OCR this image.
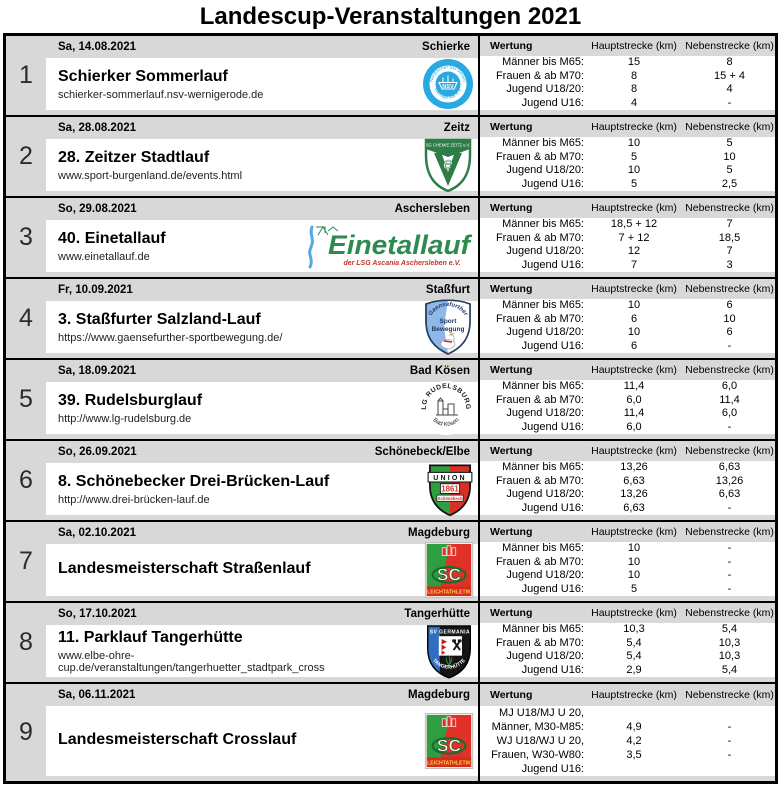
Landescup-Veranstaltungen 2021
1
Sa, 14.08.2021	Schierke
Schierker Sommerlauf
schierker-sommerlauf.nsv-wernigerode.de
Nordischer Ski-Verein
Wernigerode e.V.
NSV
Wertung	Hauptstrecke (km) Nebenstrecke (km)
Männer bis M65:	15	8
Frauen & ab M70:	8	15 + 4
Jugend U18/20:	8	4
Jugend U16:	4	-
2
Sa, 28.08.2021	Zeitz
28. Zeitzer Stadtlauf
www.sport-burgenland.de/events.html
SG CHEMIE ZEITZ e.V.
e
Wertung	Hauptstrecke (km) Nebenstrecke (km)
Männer bis M65:	10	5
Frauen & ab M70:	5	10
Jugend U18/20:	10	5
Jugend U16:	5	2,5
3
So, 29.08.2021	Aschersleben
40. Einetallauf
www.einetallauf.de	Einetallauf
der LSG Ascania Aschersleben e.V.
Wertung	Hauptstrecke (km) Nebenstrecke (km)
Männer bis M65:	18,5 + 12	7
Frauen & ab M70:	7 + 12	18,5
Jugend U18/20:	12	7
Jugend U16:	7	3
4
Fr, 10.09.2021	Staßfurt
3. Staßfurter Salzland-Lauf
https://www.gaensefurther-sportbewegung.de/
Gaensefurther
Sport
Bewegung
Wertung	Hauptstrecke (km) Nebenstrecke (km)
Männer bis M65:	10	6
Frauen & ab M70:	6	10
Jugend U18/20:	10	6
Jugend U16:	6	-
5
Sa, 18.09.2021	Bad Kösen
39. Rudelsburglauf
http://www.lg-rudelsburg.de
LG RUDELSBURG
Bad Kösen
Wertung	Hauptstrecke (km) Nebenstrecke (km)
Männer bis M65:	11,4	6,0
Frauen & ab M70:	6,0	11,4
Jugend U18/20:	11,4	6,0
Jugend U16:	6,0	-
6
So, 26.09.2021	Schönebeck/Elbe
8. Schönebecker Drei-Brücken-Lauf
http://www.drei-brücken-lauf.de
UNION
1861
Schönebeck
Wertung	Hauptstrecke (km) Nebenstrecke (km)
Männer bis M65:	13,26	6,63
Frauen & ab M70:	6,63	13,26
Jugend U18/20:	13,26	6,63
Jugend U16:	6,63	-
7
Sa, 02.10.2021	Magdeburg
Landesmeisterschaft Straßenlauf	SC
LEICHTATHLETIK
Wertung	Hauptstrecke (km) Nebenstrecke (km)
Männer bis M65:	10	-
Frauen & ab M70:	10	-
Jugend U18/20:	10	-
Jugend U16:	5	-
8
So, 17.10.2021	Tangerhütte
11. Parklauf Tangerhütte
www.elbe-ohre-cup.de/veranstaltungen/tangerhuetter_stadtpark_cross
SV GERMANIA
TANGERHÜTTE
Wertung	Hauptstrecke (km) Nebenstrecke (km)
Männer bis M65:	10,3	5,4
Frauen & ab M70:	5,4	10,3
Jugend U18/20:	5,4	10,3
Jugend U16:	2,9	5,4
9
Sa, 06.11.2021	Magdeburg
Landesmeisterschaft Crosslauf	SC
LEICHTATHLETIK
Wertung	Hauptstrecke (km) Nebenstrecke (km)
MJ U18/MJ U 20,
Männer, M30-M85:	4,9	-
WJ U18/WJ U 20,	4,2	-
Frauen, W30-W80:	3,5	-
Jugend U16:
